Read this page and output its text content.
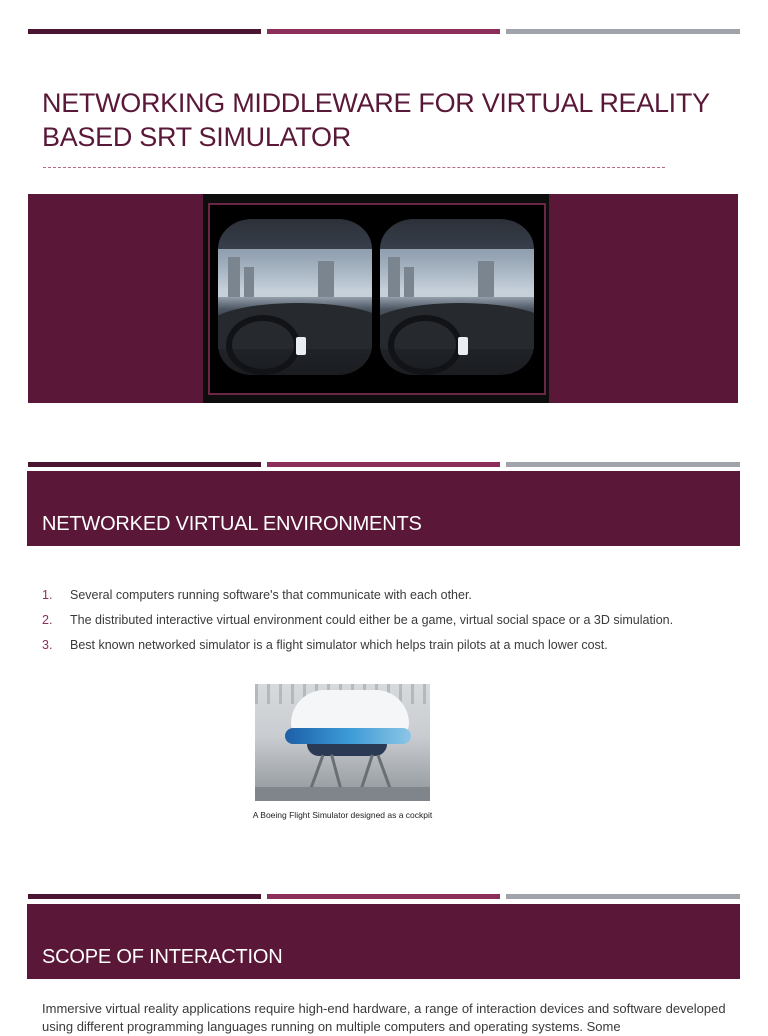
NETWORKING MIDDLEWARE FOR VIRTUAL REALITY BASED SRT SIMULATOR
NETWORKED VIRTUAL ENVIRONMENTS
1. Several computers running software's that communicate with each other.
2. The distributed interactive virtual environment could either be a game, virtual social space or a 3D simulation.
3. Best known networked simulator is a flight simulator which helps train pilots at a much lower cost.
A Boeing Flight Simulator designed as a cockpit
SCOPE OF INTERACTION
Immersive virtual reality applications require high-end hardware, a range of interaction devices and software developed using different programming languages running on multiple computers and operating systems. Some
